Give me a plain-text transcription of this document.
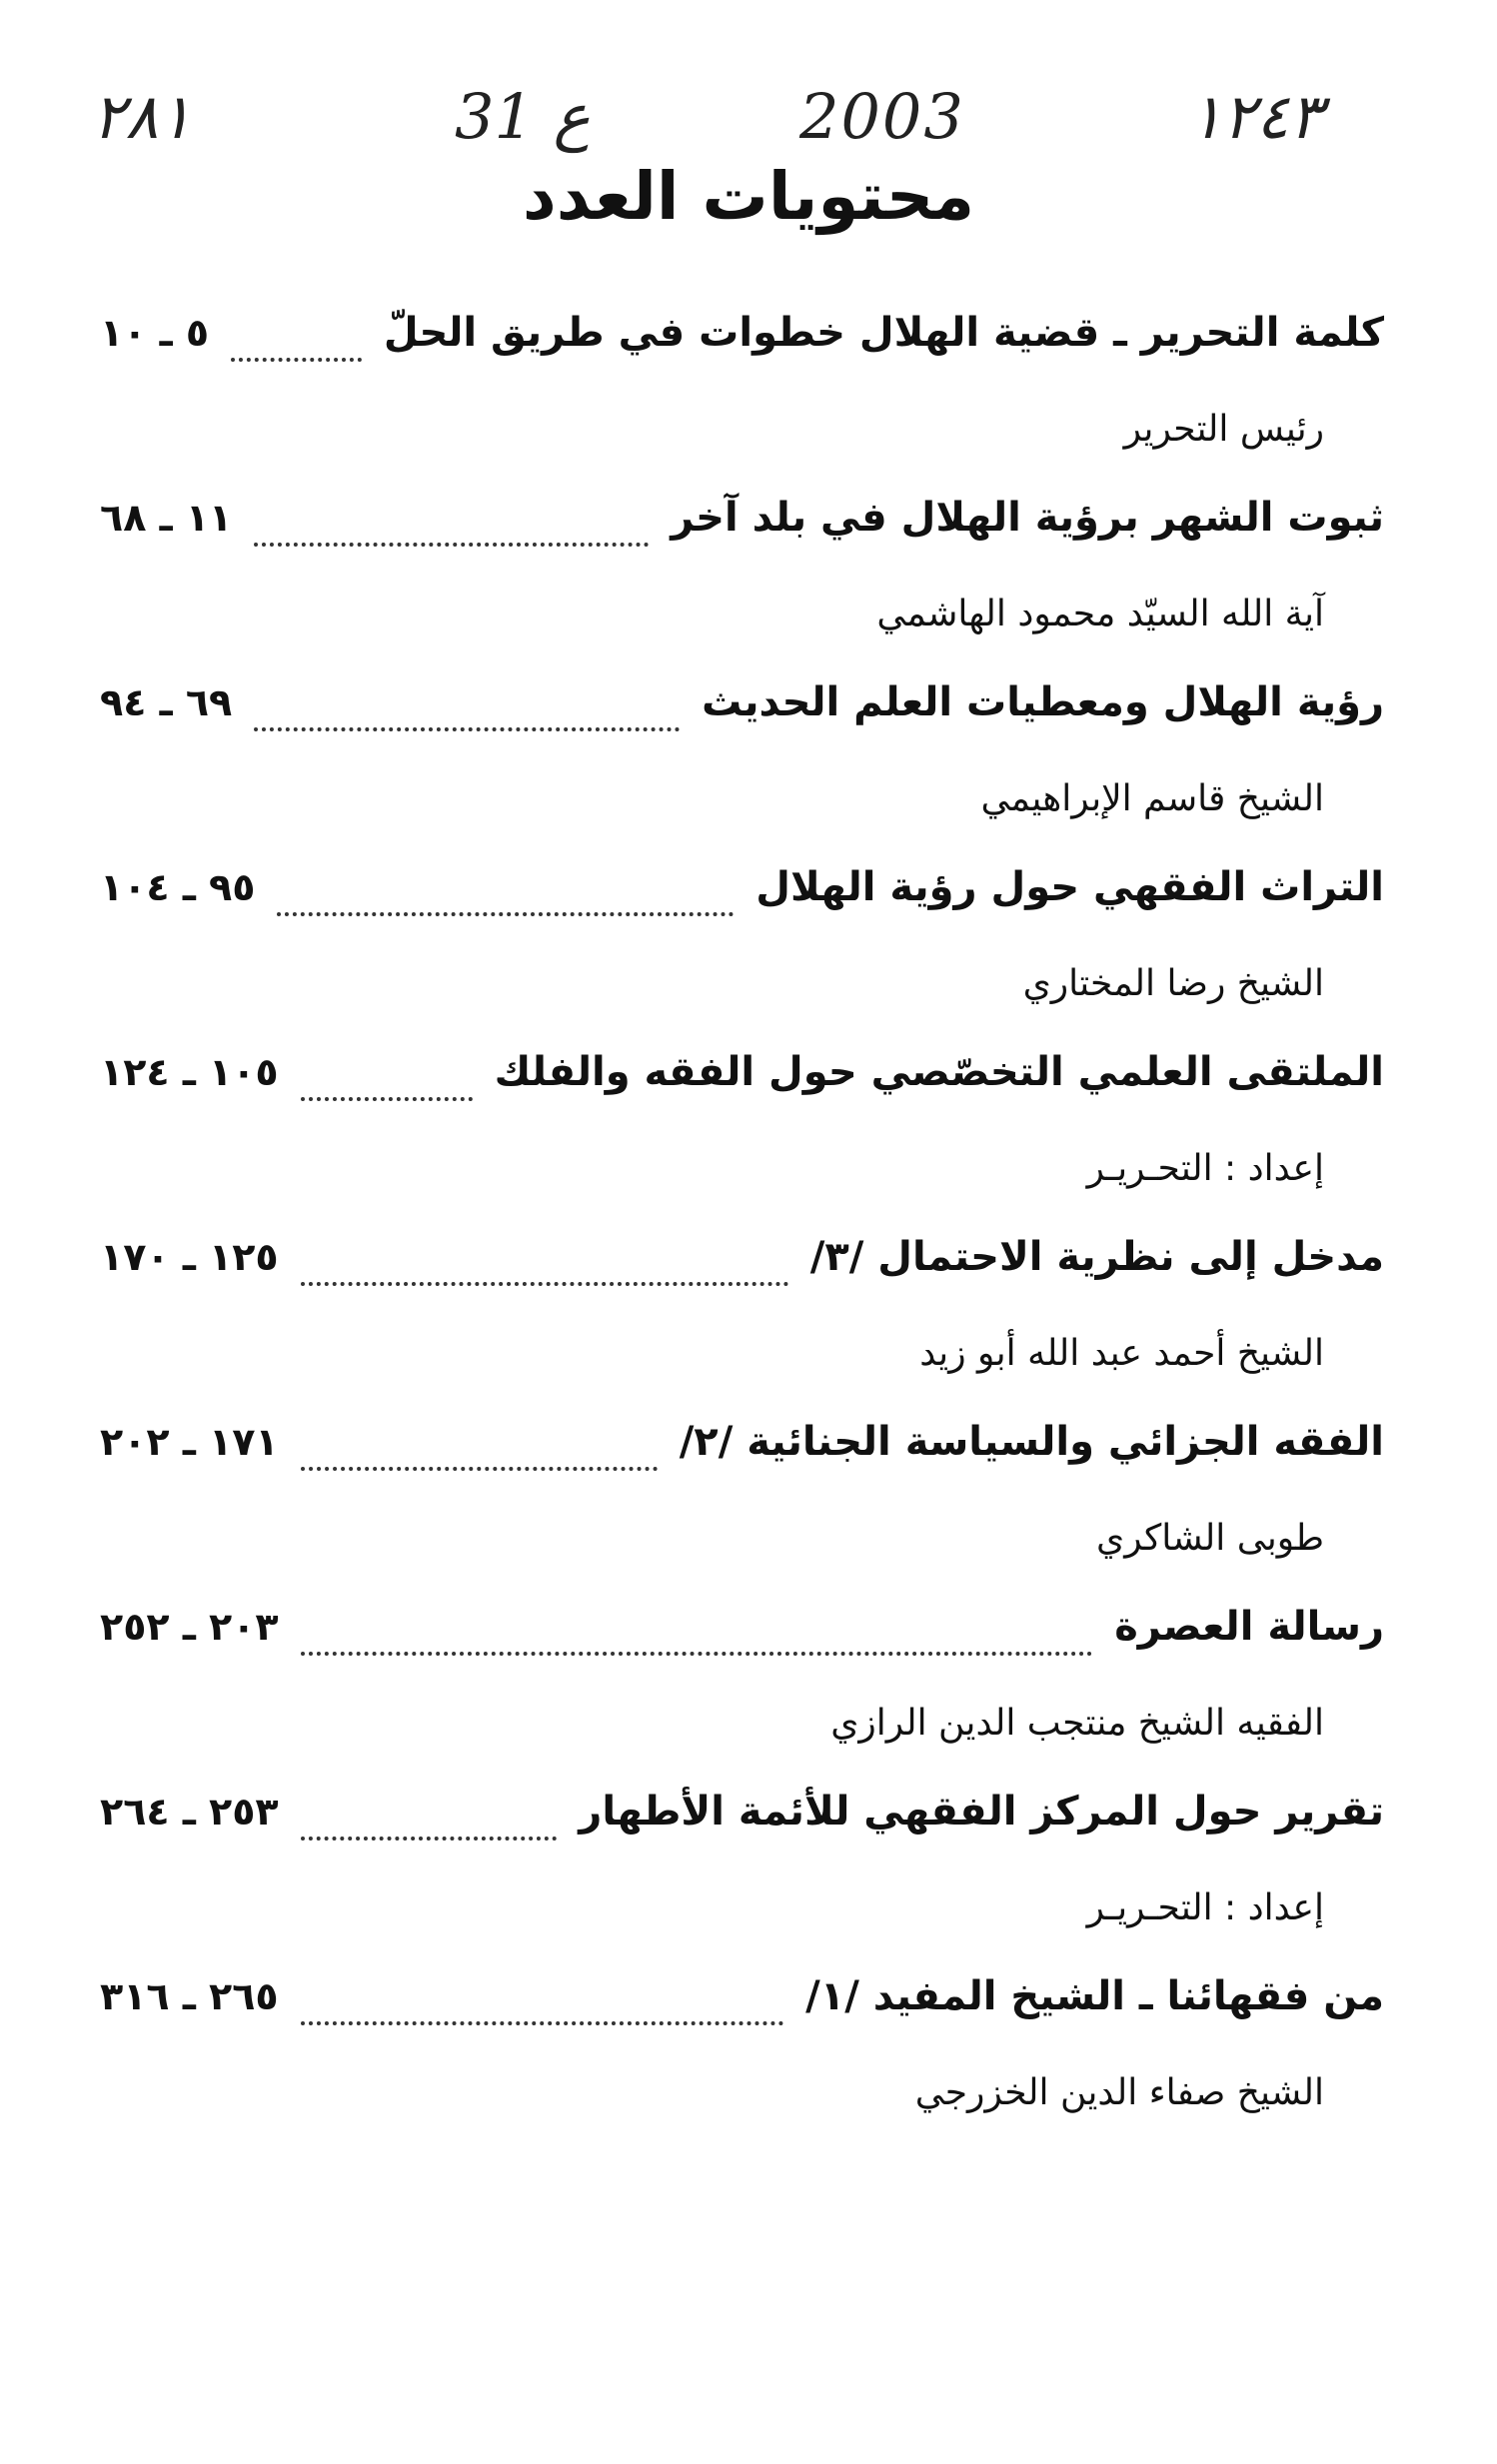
١٢٤٣
2003
ع 31
٢٨١
محتويات العدد
كلمة التحرير ـ قضية الهلال خطوات في طريق الحلّ
٥ ـ ١٠
رئيس التحرير
ثبوت الشهر برؤية الهلال في بلد آخر
١١ ـ ٦٨
آية الله السيّد محمود الهاشمي
رؤية الهلال ومعطيات العلم الحديث
٦٩ ـ ٩٤
الشيخ قاسم الإبراهيمي
التراث الفقهي حول رؤية الهلال
٩٥ ـ ١٠٤
الشيخ رضا المختاري
الملتقى العلمي التخصّصي حول الفقه والفلك
١٠٥ ـ ١٢٤
إعداد : التحـريـر
مدخل إلى نظرية الاحتمال /٣/
١٢٥ ـ ١٧٠
الشيخ أحمد عبد الله أبو زيد
الفقه الجزائي والسياسة الجنائية /٢/
١٧١ ـ ٢٠٢
طوبى الشاكري
رسالة العصرة
٢٠٣ ـ ٢٥٢
الفقيه الشيخ منتجب الدين الرازي
تقرير حول المركز الفقهي للأئمة الأطهار
٢٥٣ ـ ٢٦٤
إعداد : التحـريـر
من فقهائنا ـ الشيخ المفيد /١/
٢٦٥ ـ ٣١٦
الشيخ صفاء الدين الخزرجي
